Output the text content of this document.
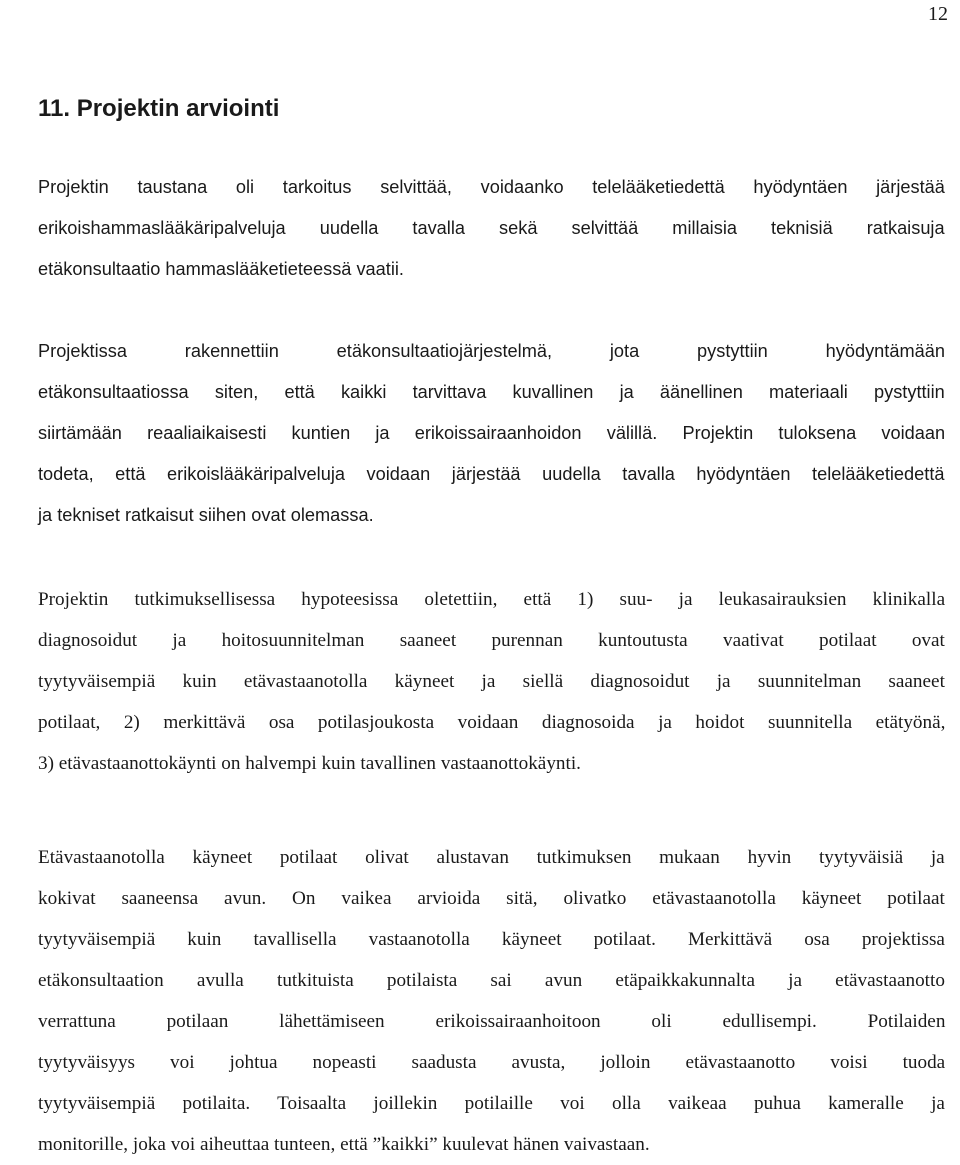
12
11. Projektin arviointi

Projektin taustana oli tarkoitus selvittää, voidaanko telelääketiedettä hyödyntäen järjestää
erikoishammaslääkäripalveluja uudella tavalla sekä selvittää millaisia teknisiä ratkaisuja
etäkonsultaatio hammaslääketieteessä vaatii.

Projektissa rakennettiin etäkonsultaatiojärjestelmä, jota pystyttiin hyödyntämään
etäkonsultaatiossa siten, että kaikki tarvittava kuvallinen ja äänellinen materiaali pystyttiin
siirtämään reaaliaikaisesti kuntien ja erikoissairaanhoidon välillä. Projektin tuloksena voidaan
todeta, että erikoislääkäripalveluja voidaan järjestää uudella tavalla hyödyntäen telelääketiedettä
ja tekniset ratkaisut siihen ovat olemassa.

Projektin tutkimuksellisessa hypoteesissa oletettiin, että 1) suu- ja leukasairauksien klinikalla
diagnosoidut ja hoitosuunnitelman saaneet purennan kuntoutusta vaativat potilaat ovat
tyytyväisempiä kuin etävastaanotolla käyneet ja siellä diagnosoidut ja suunnitelman saaneet
potilaat, 2) merkittävä osa potilasjoukosta voidaan diagnosoida ja hoidot suunnitella etätyönä,
3) etävastaanottokäynti on halvempi kuin tavallinen vastaanottokäynti.

Etävastaanotolla käyneet potilaat olivat alustavan tutkimuksen mukaan hyvin tyytyväisiä ja
kokivat saaneensa avun. On vaikea arvioida sitä, olivatko etävastaanotolla käyneet potilaat
tyytyväisempiä kuin tavallisella vastaanotolla käyneet potilaat. Merkittävä osa projektissa
etäkonsultaation avulla tutkituista potilaista sai avun etäpaikkakunnalta ja etävastaanotto
verrattuna potilaan lähettämiseen erikoissairaanhoitoon oli edullisempi. Potilaiden
tyytyväisyys voi johtua nopeasti saadusta avusta, jolloin etävastaanotto voisi tuoda
tyytyväisempiä potilaita. Toisaalta joillekin potilaille voi olla vaikeaa puhua kameralle ja
monitorille, joka voi aiheuttaa tunteen, että ”kaikki” kuulevat hänen vaivastaan.
